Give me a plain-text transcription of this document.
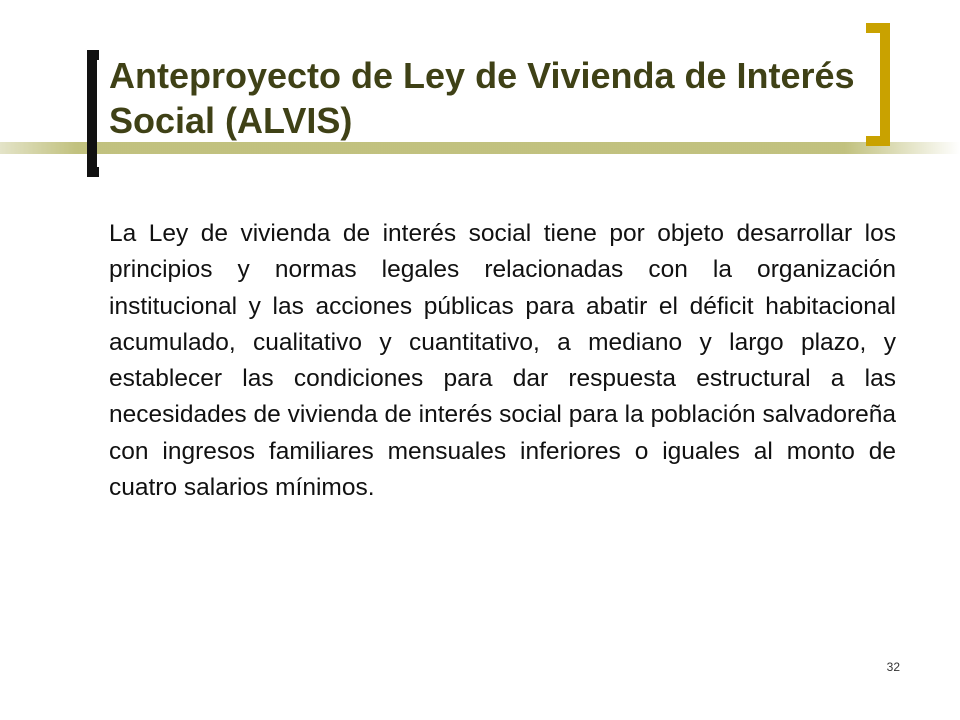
Anteproyecto de Ley de Vivienda de Interés Social (ALVIS)

La Ley de vivienda de interés social tiene por objeto desarrollar los principios y normas legales relacionadas con la organización institucional y las acciones públicas para abatir el déficit habitacional acumulado, cualitativo y cuantitativo, a mediano y largo plazo, y establecer las condiciones para dar respuesta estructural a las necesidades de vivienda de interés social para la población salvadoreña con ingresos familiares mensuales inferiores o iguales al monto de cuatro salarios mínimos.

32
